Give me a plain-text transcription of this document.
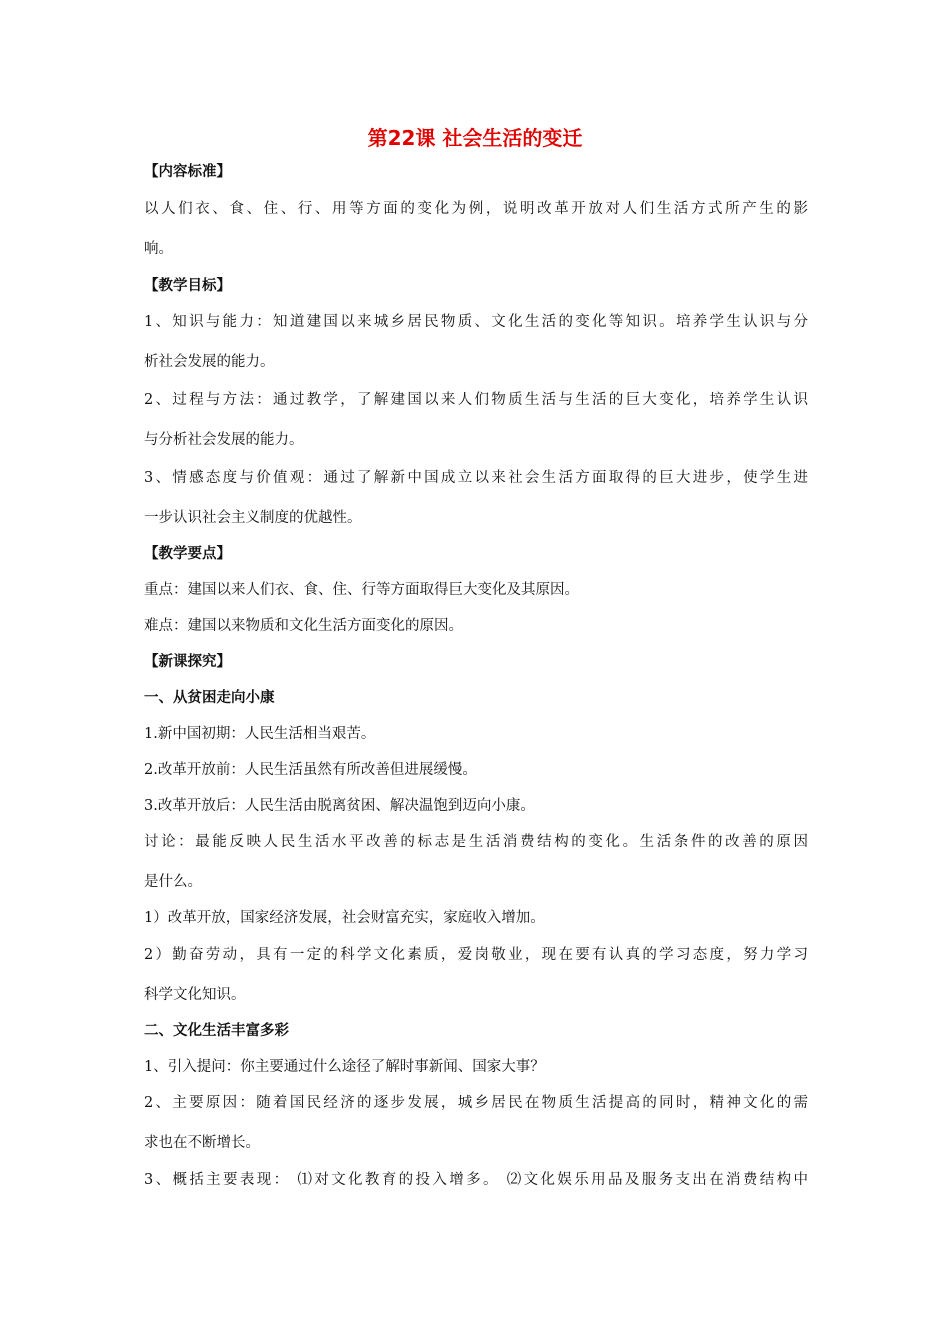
第22课 社会生活的变迁
【内容标准】
以人们衣、食、住、行、用等方面的变化为例，说明改革开放对人们生活方式所产生的影
响。
【教学目标】
1、知识与能力：知道建国以来城乡居民物质、文化生活的变化等知识。培养学生认识与分
析社会发展的能力。
2、过程与方法：通过教学，了解建国以来人们物质生活与生活的巨大变化，培养学生认识
与分析社会发展的能力。
3、情感态度与价值观：通过了解新中国成立以来社会生活方面取得的巨大进步，使学生进
一步认识社会主义制度的优越性。
【教学要点】
重点：建国以来人们衣、食、住、行等方面取得巨大变化及其原因。
难点：建国以来物质和文化生活方面变化的原因。
【新课探究】
一、从贫困走向小康
1.新中国初期：人民生活相当艰苦。
2.改革开放前：人民生活虽然有所改善但进展缓慢。
3.改革开放后：人民生活由脱离贫困、解决温饱到迈向小康。
讨论：最能反映人民生活水平改善的标志是生活消费结构的变化。生活条件的改善的原因
是什么。
1）改革开放，国家经济发展，社会财富充实，家庭收入增加。
2）勤奋劳动，具有一定的科学文化素质，爱岗敬业，现在要有认真的学习态度，努力学习
科学文化知识。
二、文化生活丰富多彩
1、引入提问：你主要通过什么途径了解时事新闻、国家大事？
2、主要原因：随着国民经济的逐步发展，城乡居民在物质生活提高的同时，精神文化的需
求也在不断增长。
3、概括主要表现： ⑴对文化教育的投入增多。 ⑵文化娱乐用品及服务支出在消费结构中
